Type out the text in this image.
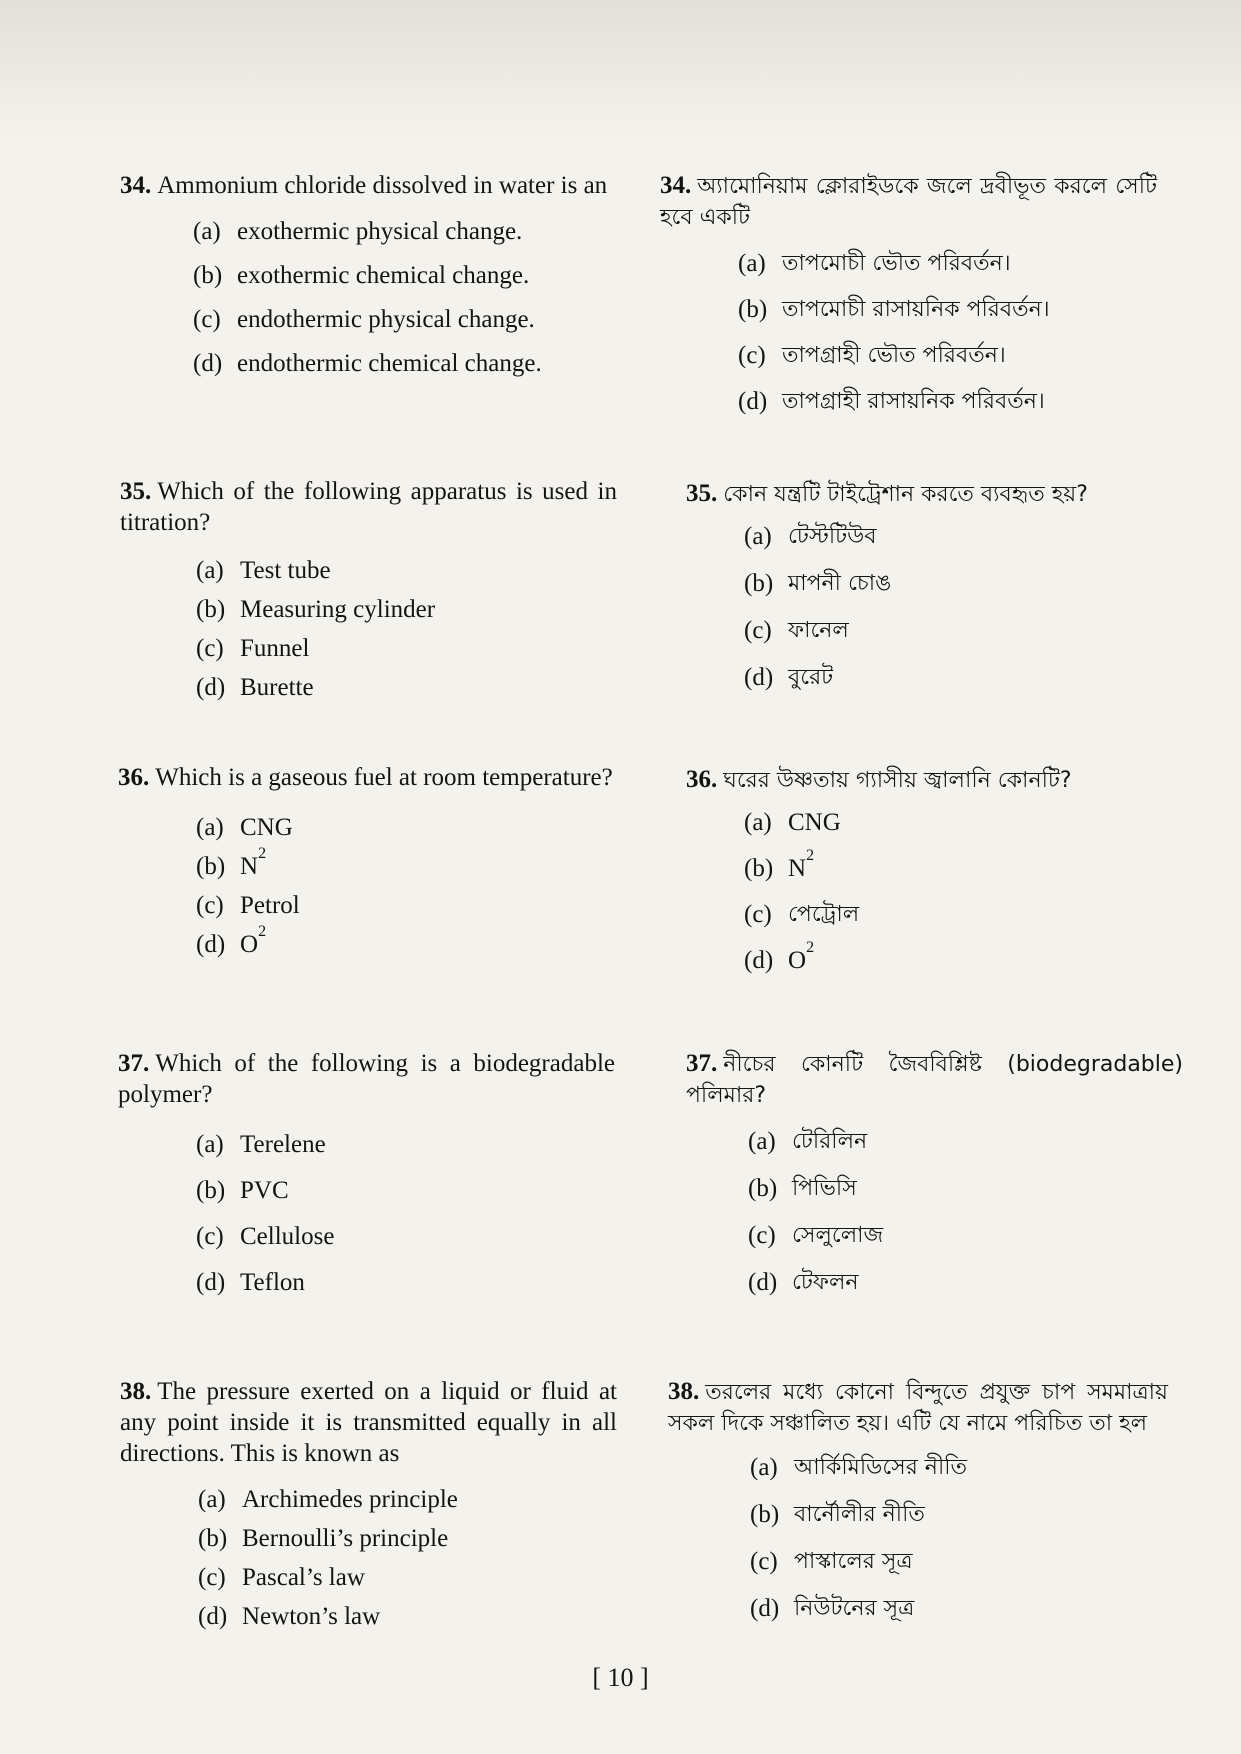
34. Ammonium chloride dissolved in water is an
(a) exothermic physical change.
(b) exothermic chemical change.
(c) endothermic physical change.
(d) endothermic chemical change.
34. অ্যামোনিয়াম ক্লোরাইডকে জলে দ্রবীভূত করলে সেটি হবে একটি
(a) তাপমোচী ভৌত পরিবর্তন।
(b) তাপমোচী রাসায়নিক পরিবর্তন।
(c) তাপগ্রাহী ভৌত পরিবর্তন।
(d) তাপগ্রাহী রাসায়নিক পরিবর্তন।
35. Which of the following apparatus is used in titration?
(a) Test tube
(b) Measuring cylinder
(c) Funnel
(d) Burette
35. কোন যন্ত্রটি টাইট্রেশান করতে ব্যবহৃত হয়?
(a) টেস্টটিউব
(b) মাপনী চোঙ
(c) ফানেল
(d) বুরেট
36. Which is a gaseous fuel at room temperature?
(a) CNG
(b) N 2
(c) Petrol
(d) O 2
36. ঘরের উষ্ণতায় গ্যাসীয় জ্বালানি কোনটি?
(a) CNG
(b) N 2
(c) পেট্রোল
(d) O 2
37. Which of the following is a biodegradable polymer?
(a) Terelene
(b) PVC
(c) Cellulose
(d) Teflon
37. নীচের কোনটি জৈববিশ্লিষ্ট (biodegradable) পলিমার?
(a) টেরিলিন
(b) পিভিসি
(c) সেলুলোজ
(d) টেফলন
38. The pressure exerted on a liquid or fluid at any point inside it is transmitted equally in all directions. This is known as
(a) Archimedes principle
(b) Bernoulli’s principle
(c) Pascal’s law
(d) Newton’s law
38. তরলের মধ্যে কোনো বিন্দুতে প্রযুক্ত চাপ সমমাত্রায় সকল দিকে সঞ্চালিত হয়। এটি যে নামে পরিচিত তা হল
(a) আর্কিমিডিসের নীতি
(b) বার্নৌলীর নীতি
(c) পাস্কালের সূত্র
(d) নিউটনের সূত্র
[ 10 ]
